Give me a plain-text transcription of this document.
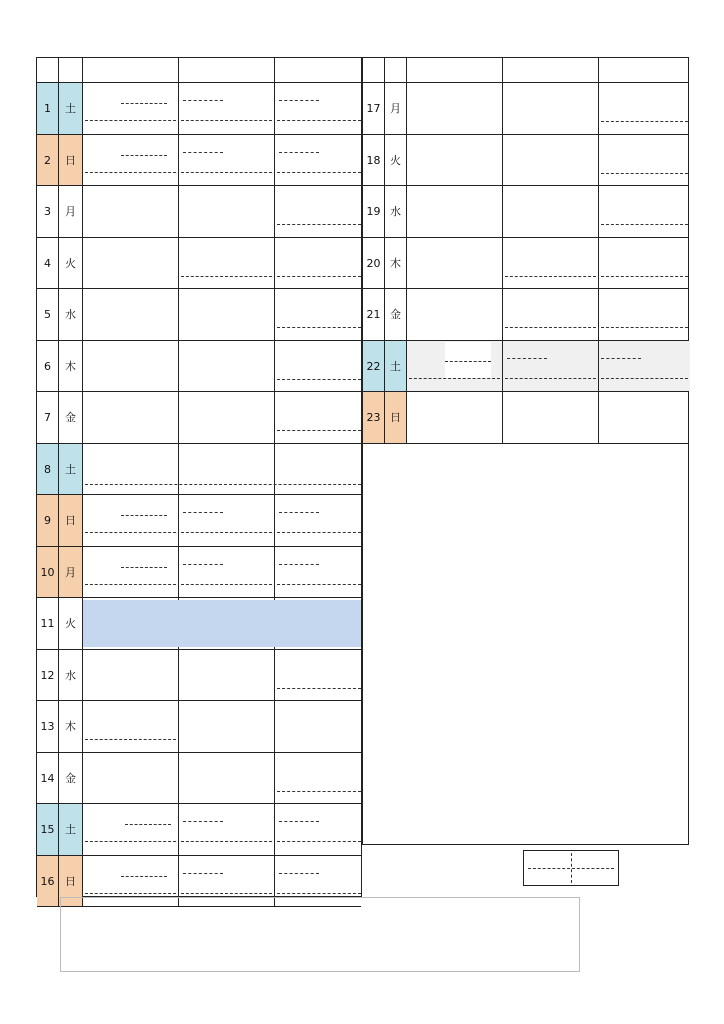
1	土
2	日
3	月
4	火
5	水
6	木
7	金
8	土
9	日
10 月
11 火
12 水
13 木
14 金
15 土
16 日
17 月
18 火
19 水
20 木
21 金
22 土
23 日
